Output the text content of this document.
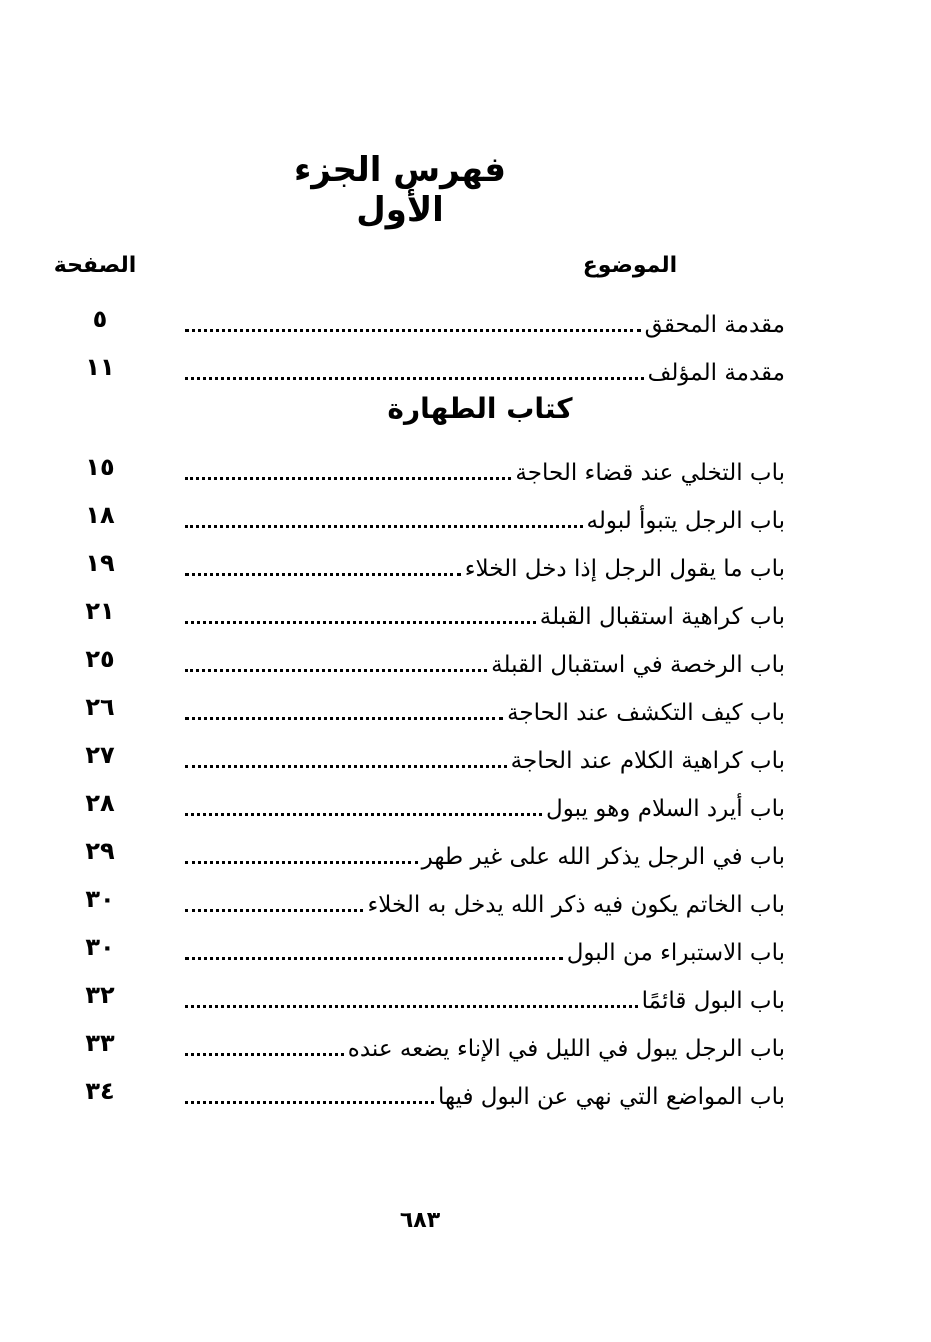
فهرس الجزء الأول
الموضوع
الصفحة
مقدمة المحقق
٥
مقدمة المؤلف
١١
كتاب الطهارة
باب التخلي عند قضاء الحاجة
١٥
باب الرجل يتبوأ لبوله
١٨
باب ما يقول الرجل إذا دخل الخلاء
١٩
باب كراهية استقبال القبلة
٢١
باب الرخصة في استقبال القبلة
٢٥
باب كيف التكشف عند الحاجة
٢٦
باب كراهية الكلام عند الحاجة
٢٧
باب أيرد السلام وهو يبول
٢٨
باب في الرجل يذكر الله على غير طهر
٢٩
باب الخاتم يكون فيه ذكر الله يدخل به الخلاء
٣٠
باب الاستبراء من البول
٣٠
باب البول قائمًا
٣٢
باب الرجل يبول في الليل في الإناء يضعه عنده
٣٣
باب المواضع التي نهي عن البول فيها
٣٤
٦٨٣
